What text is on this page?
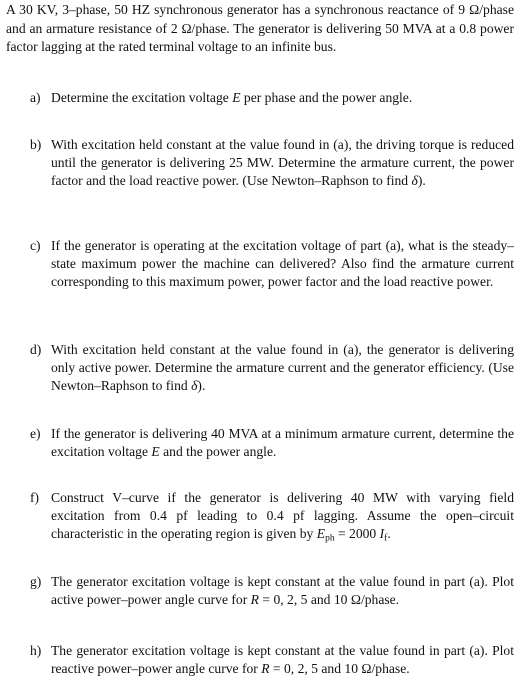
A 30 KV, 3–phase, 50 HZ synchronous generator has a synchronous reactance of 9 Ω/phase and an armature resistance of 2 Ω/phase. The generator is delivering 50 MVA at a 0.8 power factor lagging at the rated terminal voltage to an infinite bus.

a) Determine the excitation voltage E per phase and the power angle.
b) With excitation held constant at the value found in (a), the driving torque is reduced until the generator is delivering 25 MW. Determine the armature current, the power factor and the load reactive power. (Use Newton–Raphson to find δ).
c) If the generator is operating at the excitation voltage of part (a), what is the steady–state maximum power the machine can delivered? Also find the armature current corresponding to this maximum power, power factor and the load reactive power.
d) With excitation held constant at the value found in (a), the generator is delivering only active power. Determine the armature current and the generator efficiency. (Use Newton–Raphson to find δ).
e) If the generator is delivering 40 MVA at a minimum armature current, determine the excitation voltage E and the power angle.
f) Construct V–curve if the generator is delivering 40 MW with varying field excitation from 0.4 pf leading to 0.4 pf lagging. Assume the open–circuit characteristic in the operating region is given by $E_{ph} = 2000$ $I_f$.
g) The generator excitation voltage is kept constant at the value found in part (a). Plot active power–power angle curve for R = 0, 2, 5 and 10 Ω/phase.
h) The generator excitation voltage is kept constant at the value found in part (a). Plot reactive power–power angle curve for R = 0, 2, 5 and 10 Ω/phase.
